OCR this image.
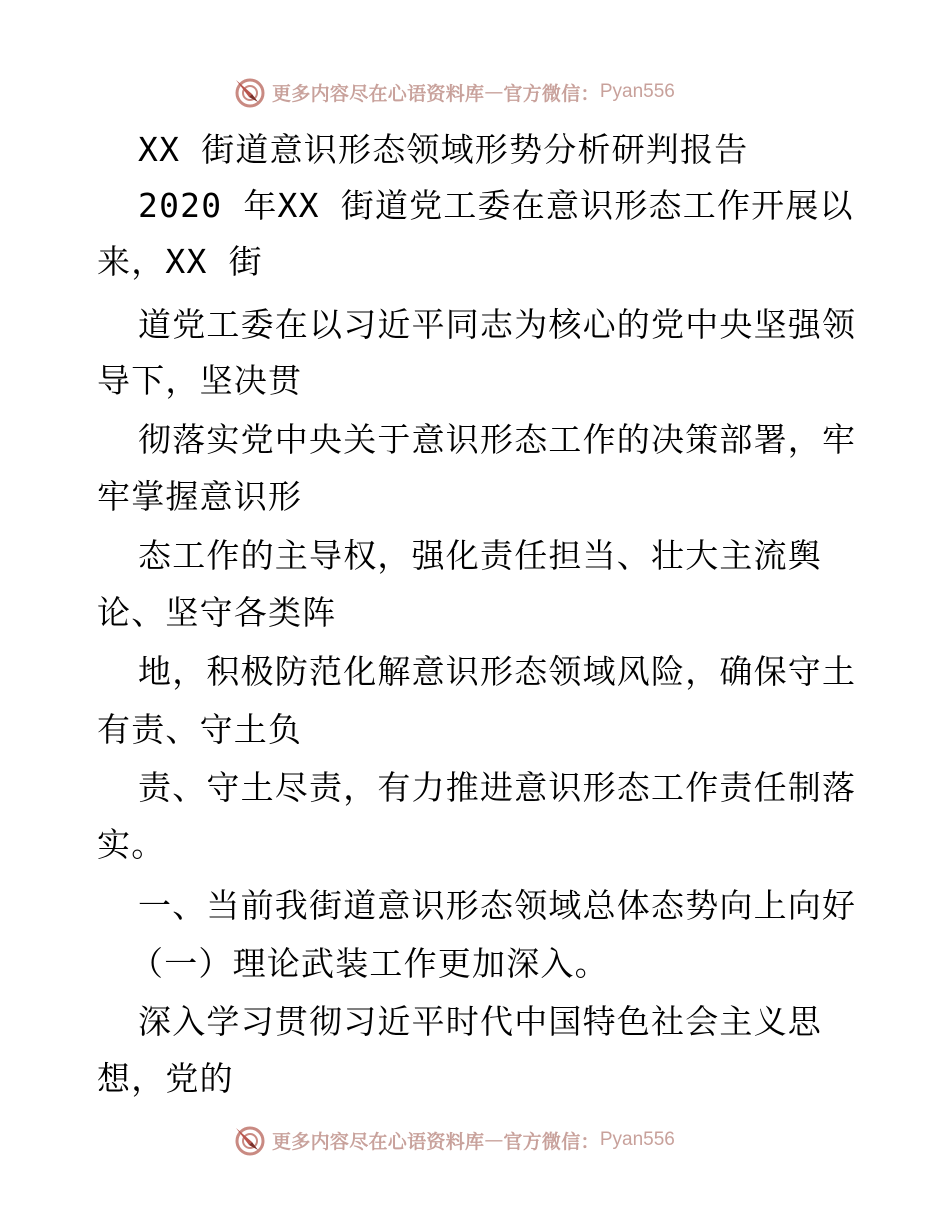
更多内容尽在心语资料库 — 官方微信： Pyan556
XX 街道意识形态领域形势分析研判报告
2020 年XX 街道党工委在意识形态工作开展以
来，XX 街
道党工委在以习近平同志为核心的党中央坚强领
导下，坚决贯
彻落实党中央关于意识形态工作的决策部署，牢
牢掌握意识形
态工作的主导权，强化责任担当、壮大主流舆
论、坚守各类阵
地，积极防范化解意识形态领域风险，确保守土
有责、守土负
责、守土尽责，有力推进意识形态工作责任制落
实。
一、当前我街道意识形态领域总体态势向上向好
（一）理论武装工作更加深入。
深入学习贯彻习近平时代中国特色社会主义思
想，党的
更多内容尽在心语资料库 — 官方微信： Pyan556
